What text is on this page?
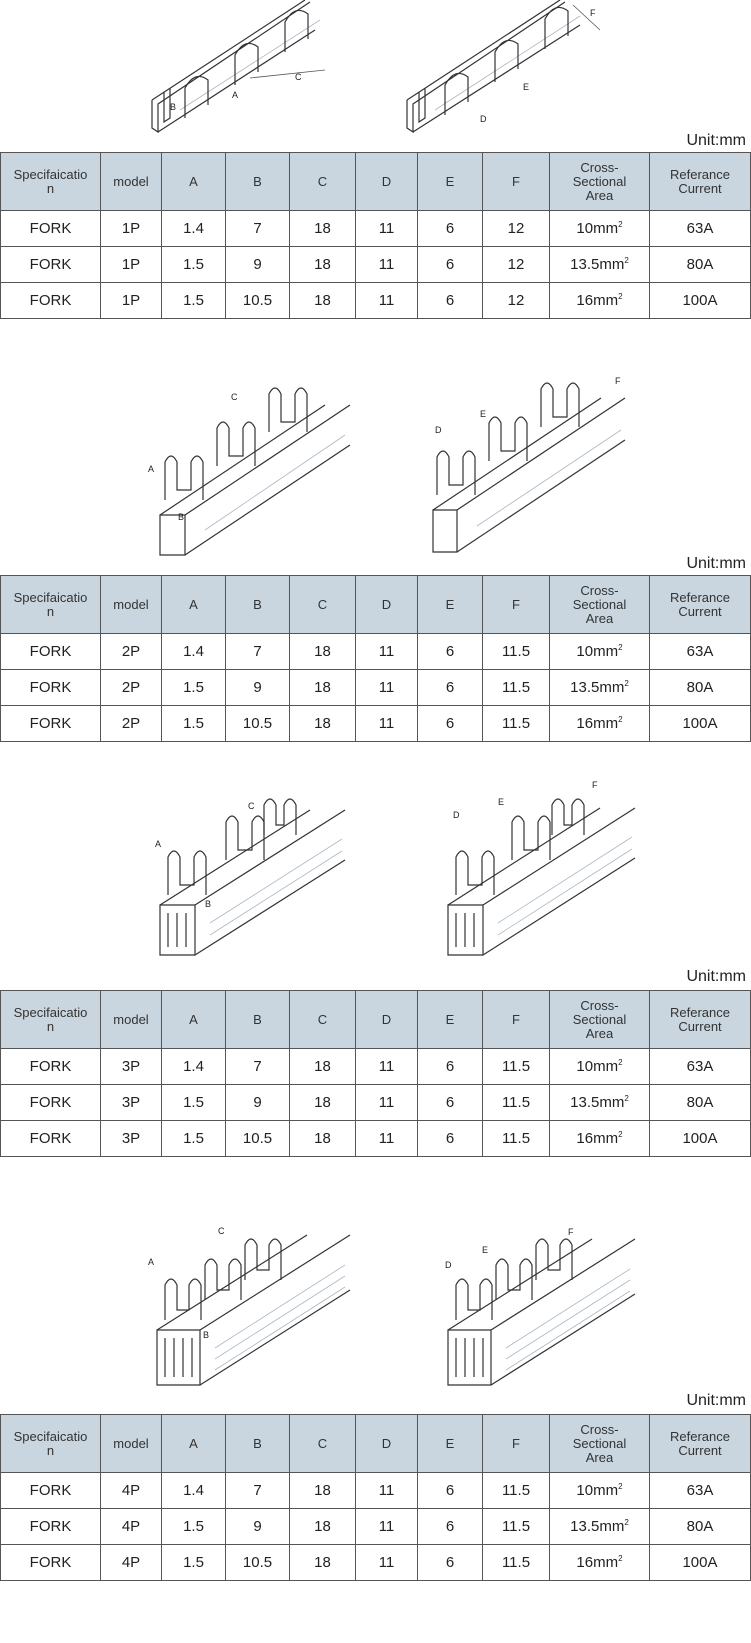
B
A
C
D
E
F
Unit:mm
Specifaicatio
n	model	A	B	C	D	E	F	Cross-
Sectional
Area	Referance
Current
FORK	1P	1.4	7	18	11	6	12	$10mm^2$	63A
FORK	1P	1.5	9	18	11	6	12	$13.5mm^2$	80A
FORK	1P	1.5	10.5	18	11	6	12	$16mm^2$	100A
A
B
C
D
E
F
Unit:mm
Specifaicatio
n	model	A	B	C	D	E	F	Cross-
Sectional
Area	Referance
Current
FORK	2P	1.4	7	18	11	6	11.5	$10mm^2$	63A
FORK	2P	1.5	9	18	11	6	11.5	$13.5mm^2$	80A
FORK	2P	1.5	10.5	18	11	6	11.5	$16mm^2$	100A
A
B
C
D
E
F
Unit:mm
Specifaicatio
n	model	A	B	C	D	E	F	Cross-
Sectional
Area	Referance
Current
FORK	3P	1.4	7	18	11	6	11.5	$10mm^2$	63A
FORK	3P	1.5	9	18	11	6	11.5	$13.5mm^2$	80A
FORK	3P	1.5	10.5	18	11	6	11.5	$16mm^2$	100A
A
B
C
D
E
F
Unit:mm
Specifaicatio
n	model	A	B	C	D	E	F	Cross-
Sectional
Area	Referance
Current
FORK	4P	1.4	7	18	11	6	11.5	$10mm^2$	63A
FORK	4P	1.5	9	18	11	6	11.5	$13.5mm^2$	80A
FORK	4P	1.5	10.5	18	11	6	11.5	$16mm^2$	100A
